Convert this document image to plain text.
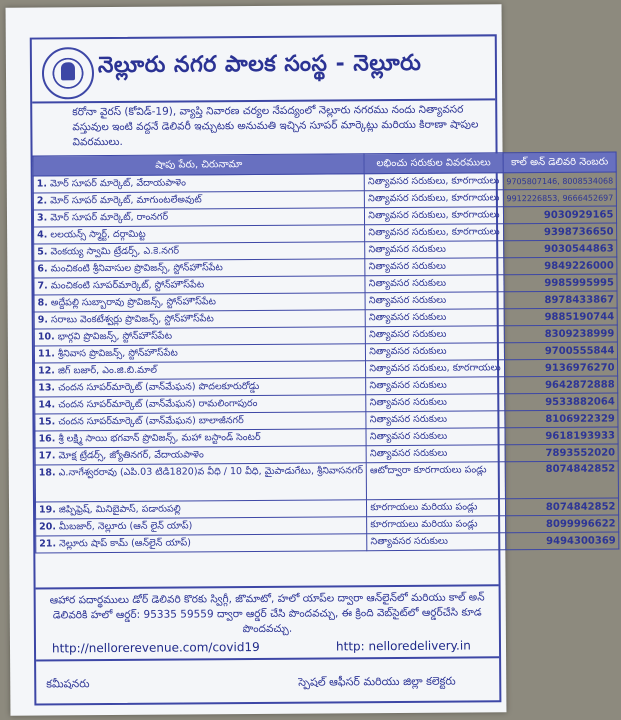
నెల్లూరు నగర పాలక సంస్థ - నెల్లూరు
కరోనా వైరస్ (కోవిడ్-19), వ్యాప్తి నివారణ చర్యల నేపద్యంలో నెల్లూరు నగరము నందు నిత్యావసర వస్తువుల ఇంటి వద్దనే డెలివరీ ఇచ్చుటకు అనుమతి ఇచ్చిన సూపర్ మార్కెట్లు మరియు కిరాణా షాపుల వివరములు.
షాపు పేరు, చిరునామా	లభించు సరుకుల వివరములు	కాల్ అన్ డెలివరి నెంబరు
1. మోర్ సూపర్ మార్కెట్, వేదాయపాళెం	నిత్యావసర సరుకులు, కూరగాయలు	9705807146, 8008534068
2. మోర్ సూపర్ మార్కెట్, మాగుంటలేఅవుట్	నిత్యావసర సరుకులు, కూరగాయలు	9912226853, 9666452697
3. మోర్ సూపర్ మార్కెట్, రాంనగర్	నిత్యావసర సరుకులు, కూరగాయలు	9030929165
4. లలయన్స్ స్మార్ట్, దర్గామిట్ట	నిత్యావసర సరుకులు, కూరగాయలు	9398736650
5. వెంకయ్య స్వామి ట్రేడర్స్, ఎ.కె.నగర్	నిత్యావసర సరుకులు	9030544863
6. మంచికంటి శ్రీనివాసుల ప్రొవిజన్స్, స్టోన్‌హౌస్‌పేట	నిత్యావసర సరుకులు	9849226000
7. మంచికంటి సూపర్‌మార్కెట్, స్టోన్‌హౌస్‌పేట	నిత్యావసర సరుకులు	9985995995
8. అద్దేపల్లి సుబ్బారావు ప్రొవిజన్స్, స్టోన్‌హౌస్‌పేట	నిత్యావసర సరుకులు	8978433867
9. సరాబు వెంకటేశ్వర్లు ప్రొవిజన్స్, స్టోన్‌హౌస్‌పేట	నిత్యావసర సరుకులు	9885190744
10. భార్గవి ప్రొవిజన్స్, స్టోన్‌హౌస్‌పేట	నిత్యావసర సరుకులు	8309238999
11. శ్రీనివాస ప్రొవిజన్స్, స్టోన్‌హౌస్‌పేట	నిత్యావసర సరుకులు	9700555844
12. జిగ్ బజార్, ఎం.జి.బి.మాల్	నిత్యావసర సరుకులు, కూరగాయలు	9136976270
13. చందన సూపర్‌మార్కెట్ (వాన్‌మేఘన) పొదలకూరురోడ్డు	నిత్యావసర సరుకులు	9642872888
14. చందన సూపర్‌మార్కెట్ (వాన్‌మేఘన) రామలింగాపురం	నిత్యావసర సరుకులు	9533882064
15. చందన సూపర్‌మార్కెట్ (వాన్‌మేఘన) బాలాజీనగర్	నిత్యావసర సరుకులు	8106922329
16. శ్రీ లక్ష్మి సాయి భగవాన్ ప్రొవిజన్స్, మహా బస్టాండ్ సెంటర్	నిత్యావసర సరుకులు	9618193933
17. మోక్ష ట్రేడర్స్, జ్యోతినగర్, వేదాయపాళెం	నిత్యావసర సరుకులు	7893552020
18. ఎ.నాగేశ్వరరావు (ఎపి.03 టిడి1820)వ వీధి / 10 వీధి, మైపాడుగేటు, శ్రీనివాసనగర్	ఆటోద్వారా కూరగాయలు పండ్లు	8074842852
19. జిప్పిఫ్రెష్, మినిబైపాస్, పడారుపల్లి	కూరగాయలు మరియు పండ్లు	8074842852
20. మీబజార్, నెల్లూరు (ఆన్ లైన్ యాప్)	కూరగాయలు మరియు పండ్లు	8099996622
21. నెల్లూరు షాప్ కామ్ (ఆన్‌లైన్ యాప్)	నిత్యావసర సరుకులు	9494300369
ఆహార పదార్థములు డోర్ డెలివరి కొరకు స్విగ్గీ, జొమాటో, హలో యాప్‌ల ద్వారా ఆన్‌లైన్‌లో మరియు కాల్ అన్ డెలివరికి హలో ఆర్డర్: 95335 59559 ద్వారా ఆర్డర్ చేసి పొందవచ్చు, ఈ క్రింది వెబ్‌సైట్‌లో ఆర్డర్‌చేసి కూడ పొందవచ్చు.
http://nellorerevenue.com/covid19	http: nelloredelivery.in
కమీషనరు	స్పెషల్ ఆఫీసర్ మరియు జిల్లా కలెక్టరు
